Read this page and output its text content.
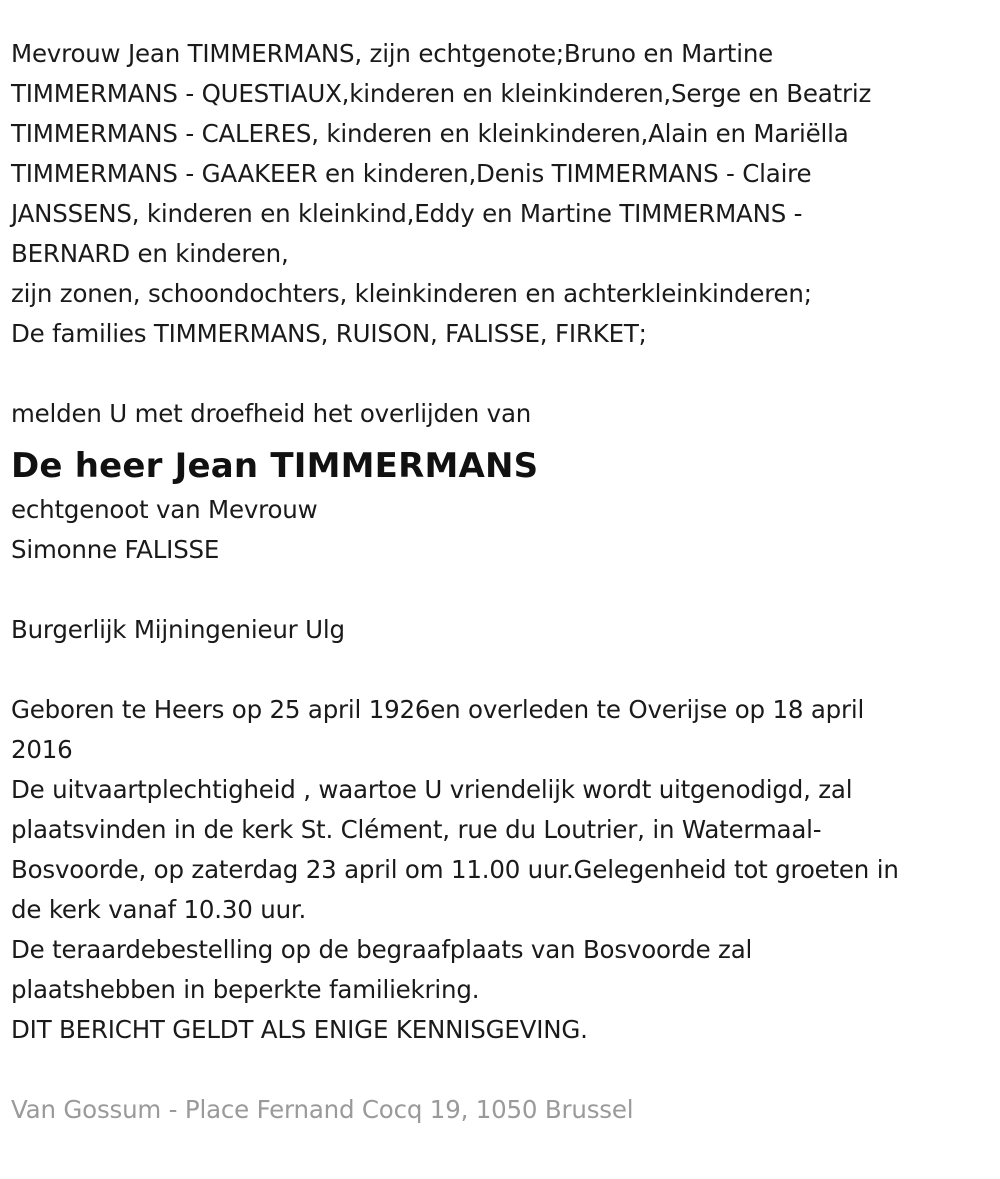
Mevrouw Jean TIMMERMANS, zijn echtgenote;Bruno en Martine
TIMMERMANS - QUESTIAUX,kinderen en kleinkinderen,Serge en Beatriz
TIMMERMANS - CALERES, kinderen en kleinkinderen,Alain en Mariëlla
TIMMERMANS - GAAKEER en kinderen,Denis TIMMERMANS - Claire
JANSSENS, kinderen en kleinkind,Eddy en Martine TIMMERMANS -
BERNARD en kinderen,
zijn zonen, schoondochters, kleinkinderen en achterkleinkinderen;
De families TIMMERMANS, RUISON, FALISSE, FIRKET;
melden U met droefheid het overlijden van
De heer Jean TIMMERMANS
echtgenoot van Mevrouw
Simonne FALISSE
Burgerlijk Mijningenieur Ulg
Geboren te Heers op 25 april 1926en overleden te Overijse op 18 april
2016
De uitvaartplechtigheid , waartoe U vriendelijk wordt uitgenodigd, zal
plaatsvinden in de kerk St. Clément, rue du Loutrier, in Watermaal-
Bosvoorde, op zaterdag 23 april om 11.00 uur.Gelegenheid tot groeten in
de kerk vanaf 10.30 uur.
De teraardebestelling op de begraafplaats van Bosvoorde zal
plaatshebben in beperkte familiekring.
DIT BERICHT GELDT ALS ENIGE KENNISGEVING.
Van Gossum - Place Fernand Cocq 19, 1050 Brussel
